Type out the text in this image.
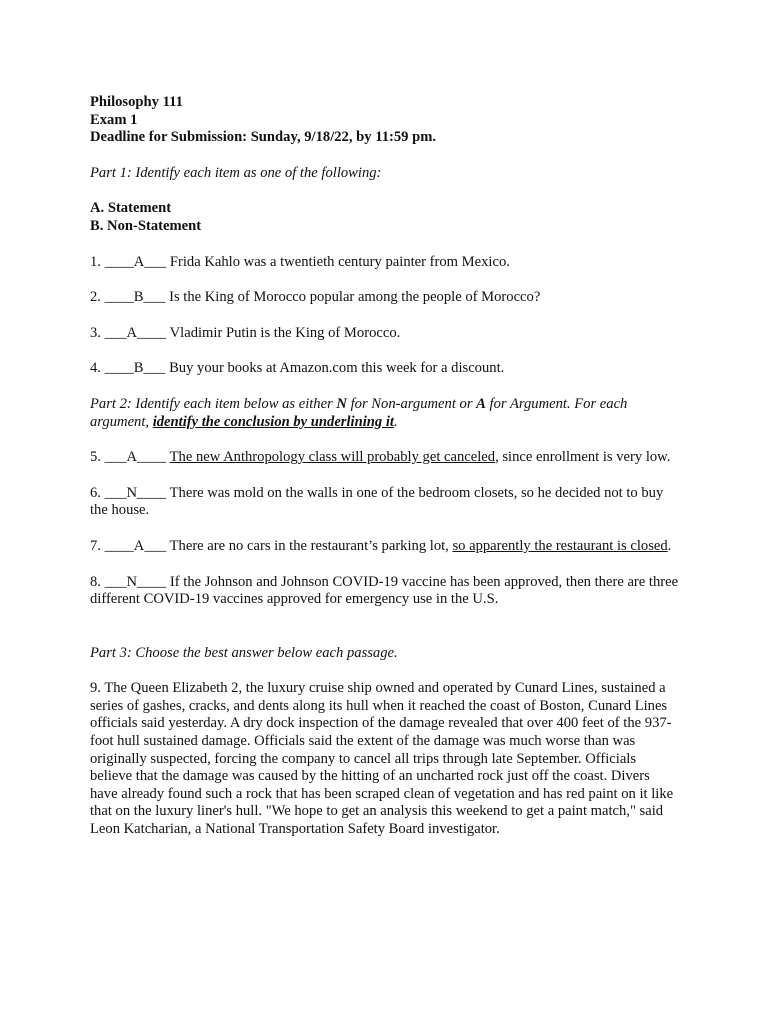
Philosophy 111

Exam 1

Deadline for Submission: Sunday, 9/18/22, by 11:59 pm.

Part 1: Identify each item as one of the following:

A. Statement

B. Non-Statement

1. ____A___ Frida Kahlo was a twentieth century painter from Mexico.

2. ____B___ Is the King of Morocco popular among the people of Morocco?

3. ___A____ Vladimir Putin is the King of Morocco.

4. ____B___ Buy your books at Amazon.com this week for a discount.

Part 2: Identify each item below as either N for Non-argument or A for Argument. For each argument, identify the conclusion by underlining it.

5. ___A____ The new Anthropology class will probably get canceled, since enrollment is very low.

6. ___N____ There was mold on the walls in one of the bedroom closets, so he decided not to buy the house.

7. ____A___ There are no cars in the restaurant’s parking lot, so apparently the restaurant is closed.

8. ___N____ If the Johnson and Johnson COVID-19 vaccine has been approved, then there are three different COVID-19 vaccines approved for emergency use in the U.S.

Part 3: Choose the best answer below each passage.

9. The Queen Elizabeth 2, the luxury cruise ship owned and operated by Cunard Lines, sustained a series of gashes, cracks, and dents along its hull when it reached the coast of Boston, Cunard Lines officials said yesterday. A dry dock inspection of the damage revealed that over 400 feet of the 937-foot hull sustained damage. Officials said the extent of the damage was much worse than was originally suspected, forcing the company to cancel all trips through late September. Officials believe that the damage was caused by the hitting of an uncharted rock just off the coast. Divers have already found such a rock that has been scraped clean of vegetation and has red paint on it like that on the luxury liner's hull. "We hope to get an analysis this weekend to get a paint match," said Leon Katcharian, a National Transportation Safety Board investigator.
